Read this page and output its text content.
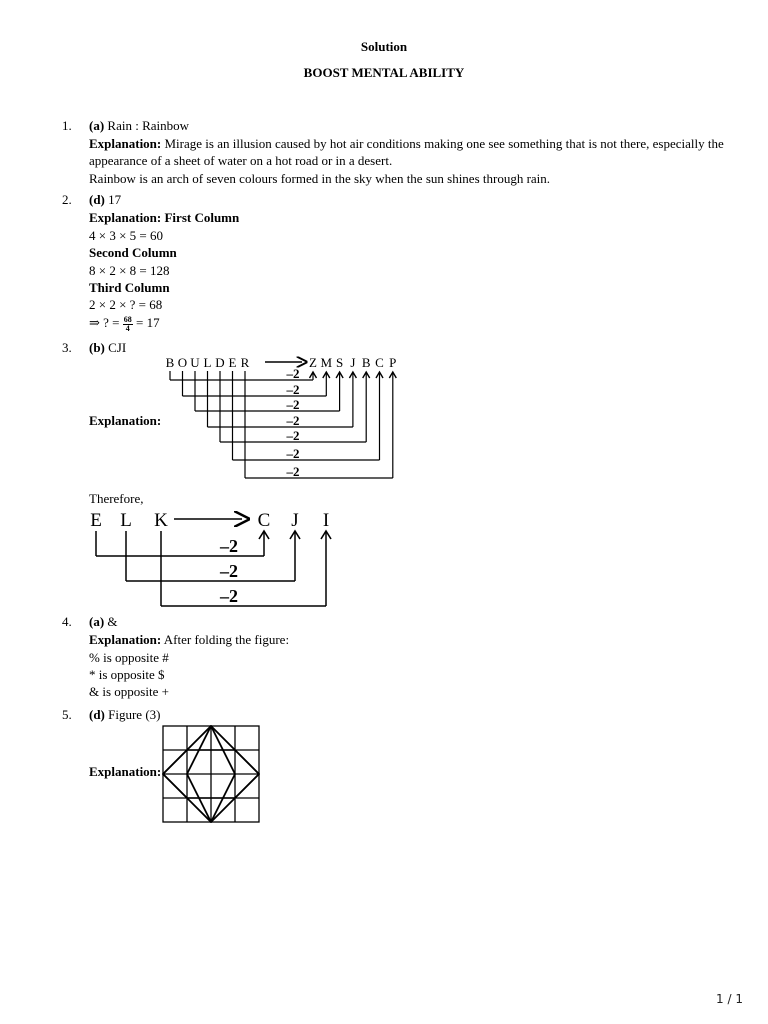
Solution
BOOST MENTAL ABILITY
1. (a) Rain : Rainbow
Explanation: Mirage is an illusion caused by hot air conditions making one see something that is not there, especially the
appearance of a sheet of water on a hot road or in a desert.
Rainbow is an arch of seven colours formed in the sky when the sun shines through rain.
2. (d) 17
Explanation: First Column
4 × 3 × 5 = 60
Second Column
8 × 2 × 8 = 128
Third Column
2 × 2 × ? = 68
⇒ ? = $\frac{68}{4} = 17$
3. (b) CJI
Explanation:
B O U L D E R	Z M S J B C P
–2
–2
–2
–2
–2
–2
–2
Therefore,
E L K	C J I
–2
–2
–2
4. (a) &
Explanation: After folding the figure:
% is opposite #
* is opposite $
& is opposite +
5. (d) Figure (3)
Explanation:
1 / 1
